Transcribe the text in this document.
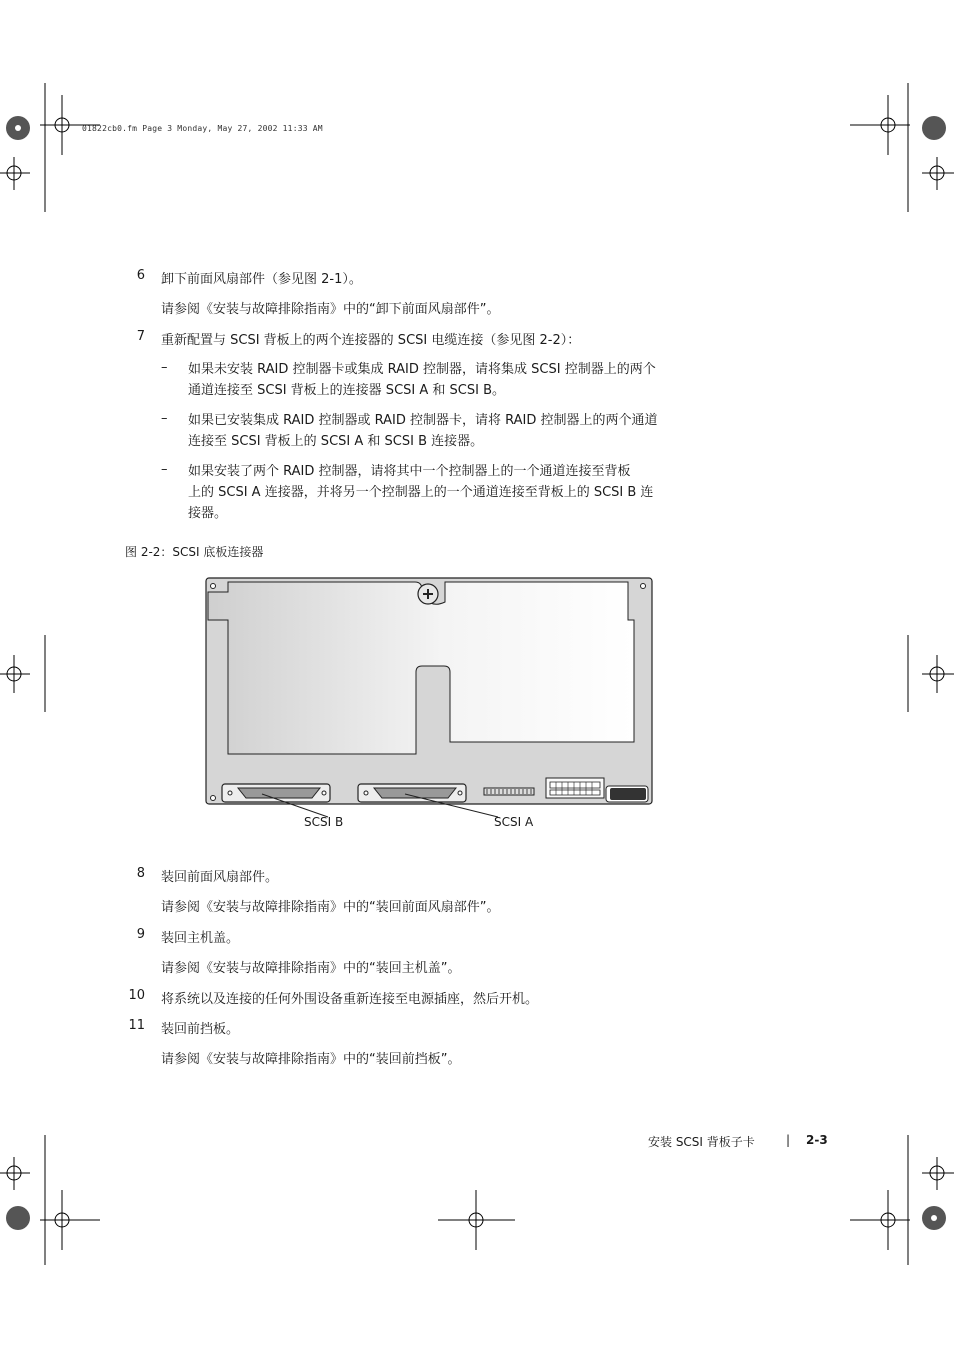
01822cb0.fm Page 3 Monday, May 27, 2002 11:33 AM
6 卸下前面风扇部件（参见图 2-1）。
请参阅《安装与故障排除指南》中的“卸下前面风扇部件”。
7 重新配置与 SCSI 背板上的两个连接器的 SCSI 电缆连接（参见图 2-2）：
– 如果未安装 RAID 控制器卡或集成 RAID 控制器，请将集成 SCSI 控制器上的两个
通道连接至 SCSI 背板上的连接器 SCSI A 和 SCSI B。
– 如果已安装集成 RAID 控制器或 RAID 控制器卡，请将 RAID 控制器上的两个通道
连接至 SCSI 背板上的 SCSI A 和 SCSI B 连接器。
– 如果安装了两个 RAID 控制器，请将其中一个控制器上的一个通道连接至背板
上的 SCSI A 连接器，并将另一个控制器上的一个通道连接至背板上的 SCSI B 连
接器。
图 2-2：SCSI 底板连接器
SCSI B	SCSI A
8 装回前面风扇部件。
请参阅《安装与故障排除指南》中的“装回前面风扇部件”。
9 装回主机盖。
请参阅《安装与故障排除指南》中的“装回主机盖”。
10 将系统以及连接的任何外围设备重新连接至电源插座，然后开机。
11 装回前挡板。
请参阅《安装与故障排除指南》中的“装回前挡板”。
安装 SCSI 背板子卡	| 2-3
